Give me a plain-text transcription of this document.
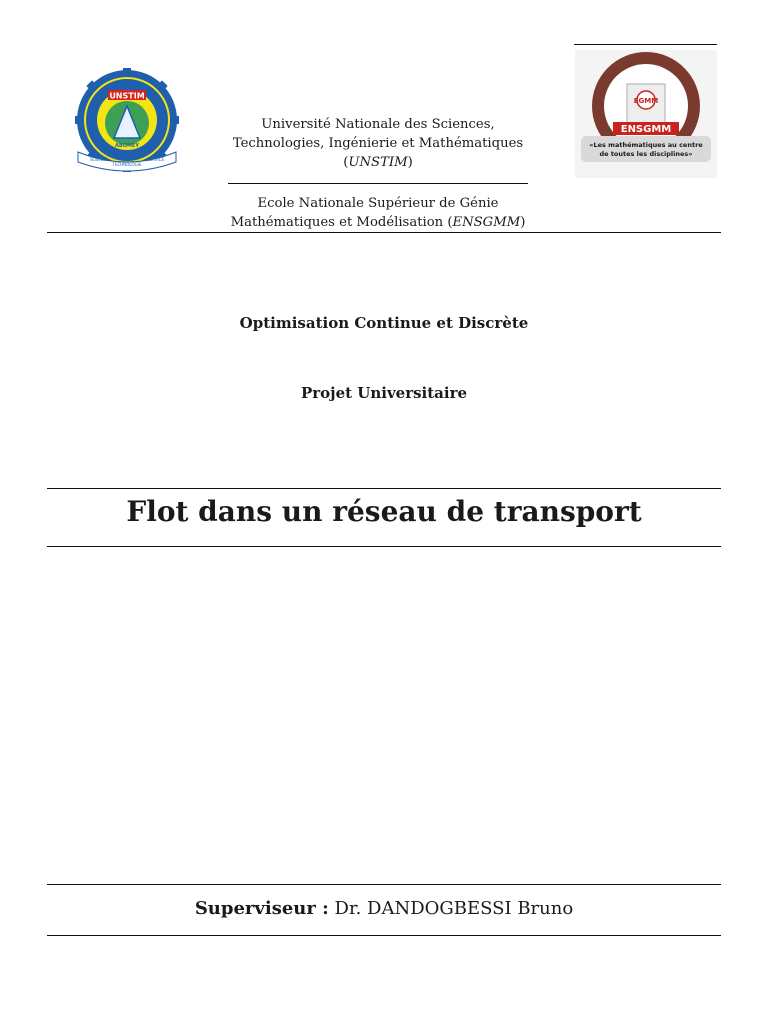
UNSTIM
ABOMEY
SCIENCE
TECHNOLOGIE
SERVICE
EGMM
ENSGMM
«Les mathématiques au centre
de toutes les disciplines»
Université Nationale des Sciences,
Technologies, Ingénierie et Mathématiques
(UNSTIM)
Ecole Nationale Supérieur de Génie
Mathématiques et Modélisation (ENSGMM)
Optimisation Continue et Discrète
Projet Universitaire
Flot dans un réseau de transport
Superviseur : Dr. DANDOGBESSI Bruno
